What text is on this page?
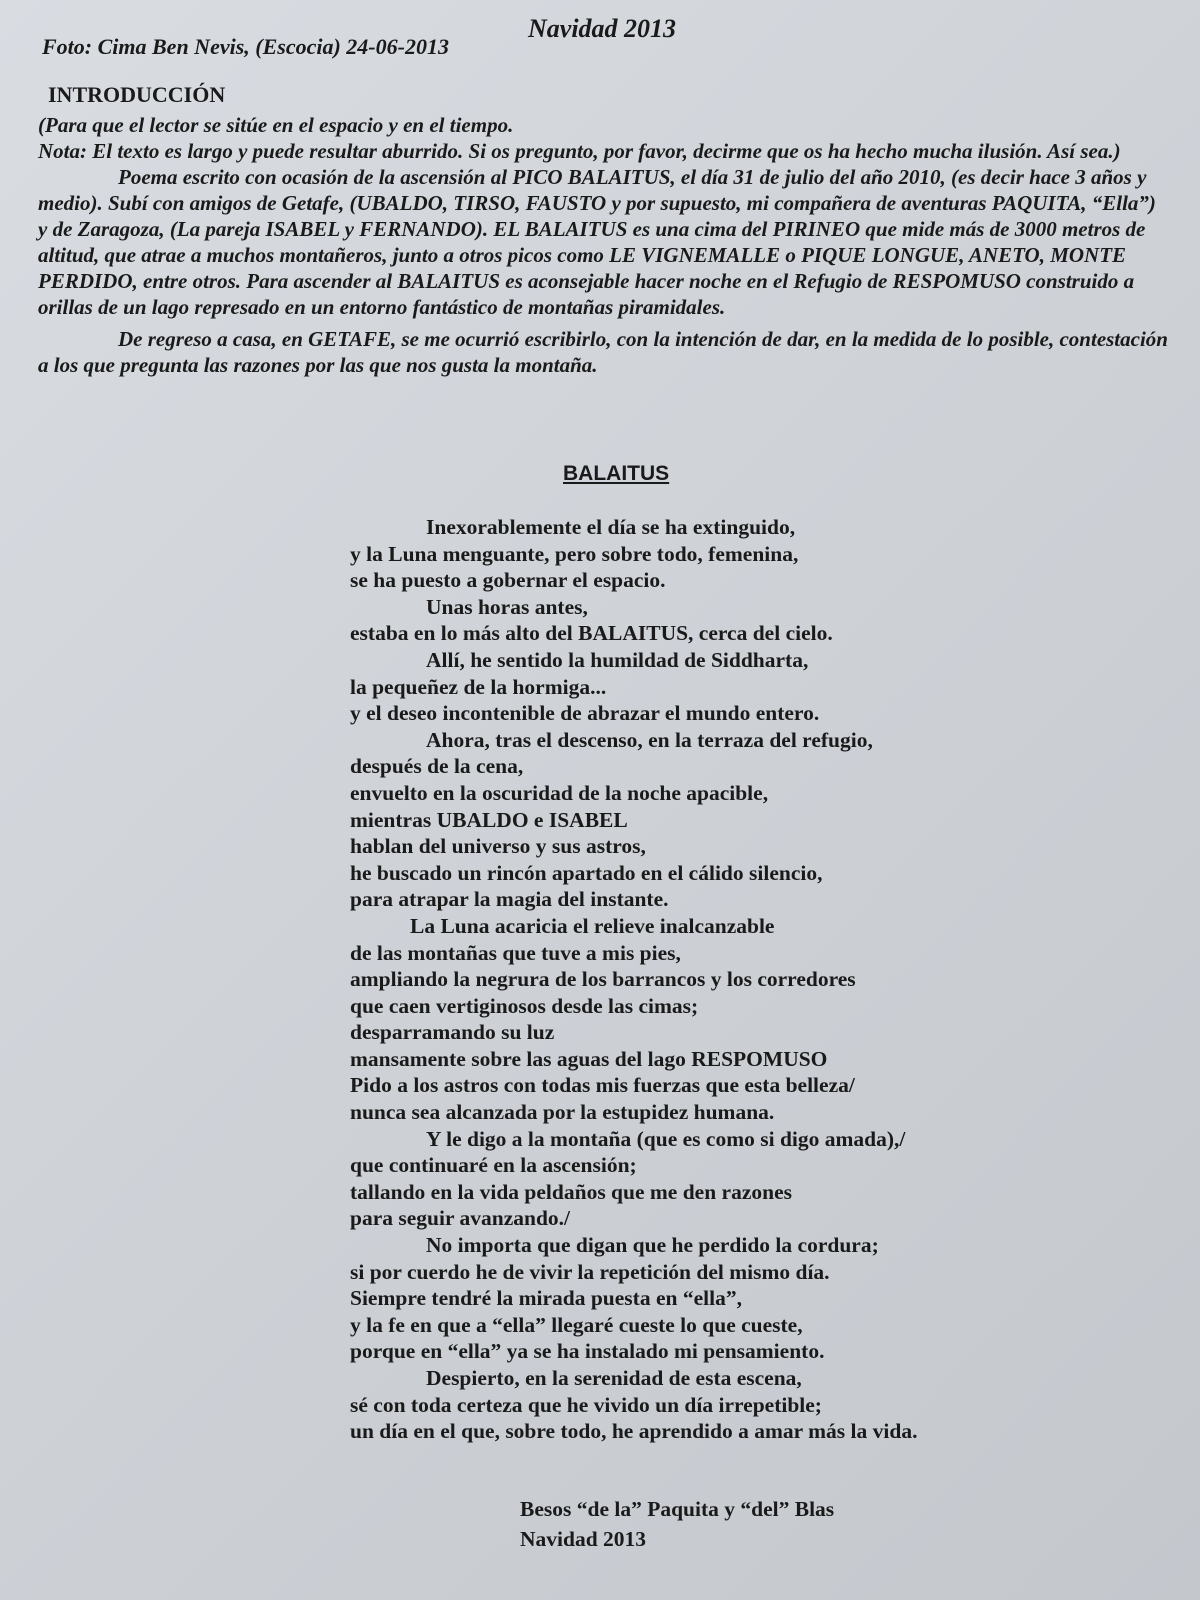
Navidad 2013
Foto: Cima Ben Nevis, (Escocia) 24-06-2013
INTRODUCCIÓN

(Para que el lector se sitúe en el espacio y en el tiempo.

Nota: El texto es largo y puede resultar aburrido. Si os pregunto, por favor, decirme que os ha hecho mucha ilusión. Así sea.)

Poema escrito con ocasión de la ascensión al PICO BALAITUS, el día 31 de julio del año 2010, (es decir hace 3 años y medio). Subí con amigos de Getafe, (UBALDO, TIRSO, FAUSTO y por supuesto, mi compañera de aventuras PAQUITA, “Ella”) y de Zaragoza, (La pareja ISABEL y FERNANDO). EL BALAITUS es una cima del PIRINEO que mide más de 3000 metros de altitud, que atrae a muchos montañeros, junto a otros picos como LE VIGNEMALLE o PIQUE LONGUE, ANETO, MONTE PERDIDO, entre otros. Para ascender al BALAITUS es aconsejable hacer noche en el Refugio de RESPOMUSO construido a orillas de un lago represado en un entorno fantástico de montañas piramidales.

De regreso a casa, en GETAFE, se me ocurrió escribirlo, con la intención de dar, en la medida de lo posible, contestación a los que pregunta las razones por las que nos gusta la montaña.

BALAITUS
Inexorablemente el día se ha extinguido,
y la Luna menguante, pero sobre todo, femenina,
se ha puesto a gobernar el espacio.
Unas horas antes,
estaba en lo más alto del BALAITUS, cerca del cielo.
Allí, he sentido la humildad de Siddharta,
la pequeñez de la hormiga...
y el deseo incontenible de abrazar el mundo entero.
Ahora, tras el descenso, en la terraza del refugio,
después de la cena,
envuelto en la oscuridad de la noche apacible,
mientras UBALDO e ISABEL
hablan del universo y sus astros,
he buscado un rincón apartado en el cálido silencio,
para atrapar la magia del instante.
La Luna acaricia el relieve inalcanzable
de las montañas que tuve a mis pies,
ampliando la negrura de los barrancos y los corredores
que caen vertiginosos desde las cimas;
desparramando su luz
mansamente sobre las aguas del lago RESPOMUSO
Pido a los astros con todas mis fuerzas que esta belleza/
nunca sea alcanzada por la estupidez humana.
Y le digo a la montaña (que es como si digo amada),/
que continuaré en la ascensión;
tallando en la vida peldaños que me den razones
para seguir avanzando./
No importa que digan que he perdido la cordura;
si por cuerdo he de vivir la repetición del mismo día.
Siempre tendré la mirada puesta en “ella”,
y la fe en que a “ella” llegaré cueste lo que cueste,
porque en “ella” ya se ha instalado mi pensamiento.
Despierto, en la serenidad de esta escena,
sé con toda certeza que he vivido un día irrepetible;
un día en el que, sobre todo, he aprendido a amar más la vida.
Besos “de la” Paquita y “del” Blas
Navidad 2013
